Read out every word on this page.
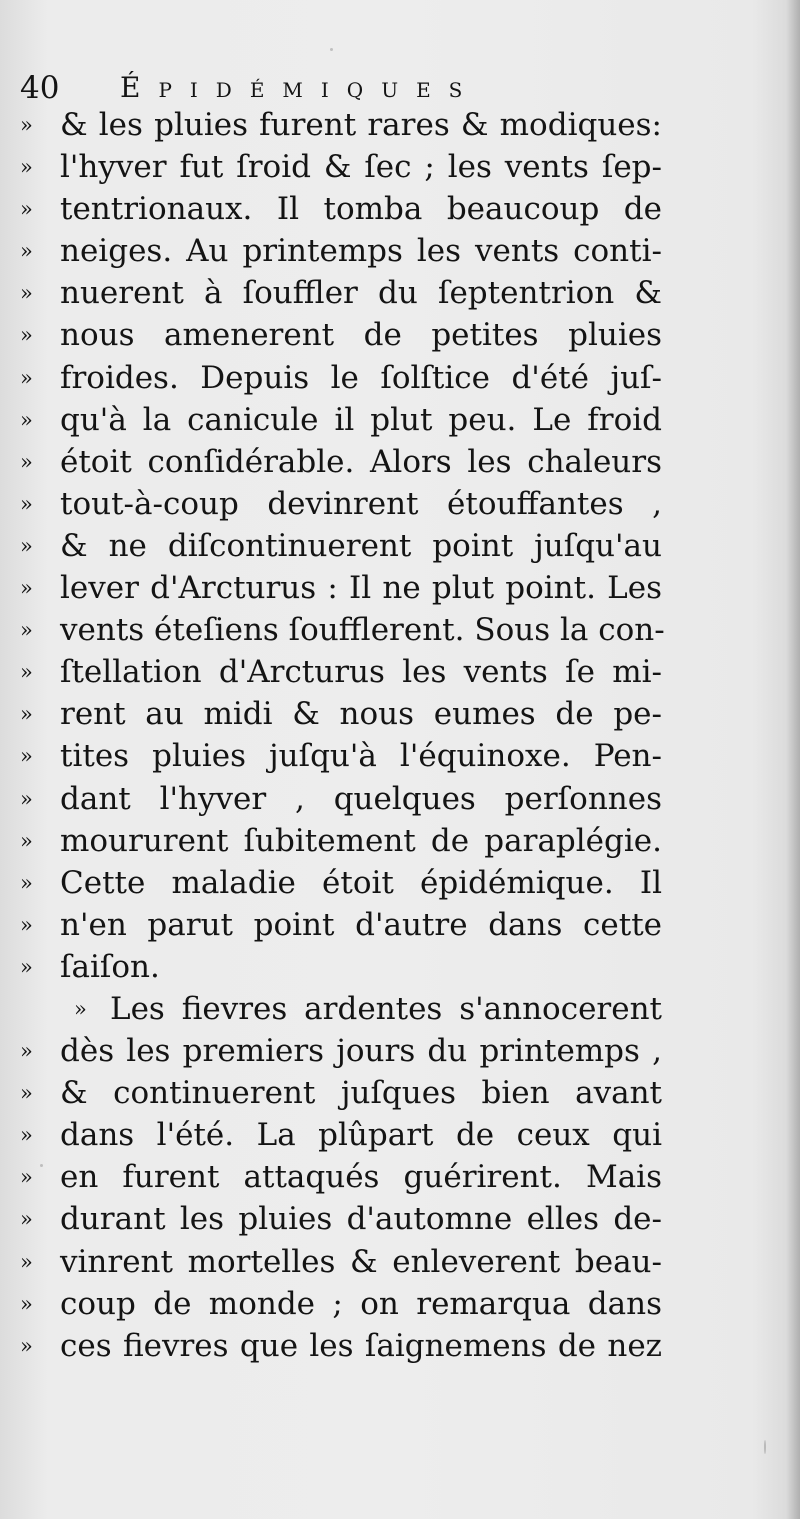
40 Épidémiques
» & les pluies furent rares & modiques:
» l'hyver fut ſroid & ſec ; les vents ſep-
» tentrionaux. Il tomba beaucoup de
» neiges. Au printemps les vents conti-
» nuerent à ſouffler du ſeptentrion &
» nous amenerent de petites pluies
» froides. Depuis le ſolſtice d'été juſ-
» qu'à la canicule il plut peu. Le froid
» étoit conſidérable. Alors les chaleurs
» tout-à-coup devinrent étouffantes ,
» & ne diſcontinuerent point juſqu'au
» lever d'Arcturus : Il ne plut point. Les
» vents éteſiens ſoufflerent. Sous la con-
» ſtellation d'Arcturus les vents ſe mi-
» rent au midi & nous eumes de pe-
» tites pluies juſqu'à l'équinoxe. Pen-
» dant l'hyver , quelques perſonnes
» moururent ſubitement de paraplégie.
» Cette maladie étoit épidémique. Il
» n'en parut point d'autre dans cette
» ſaiſon.
» Les fievres ardentes s'annocerent
» dès les premiers jours du printemps ,
» & continuerent juſques bien avant
» dans l'été. La plûpart de ceux qui
» en furent attaqués guérirent. Mais
» durant les pluies d'automne elles de-
» vinrent mortelles & enleverent beau-
» coup de monde ; on remarqua dans
» ces fievres que les ſaignemens de nez
